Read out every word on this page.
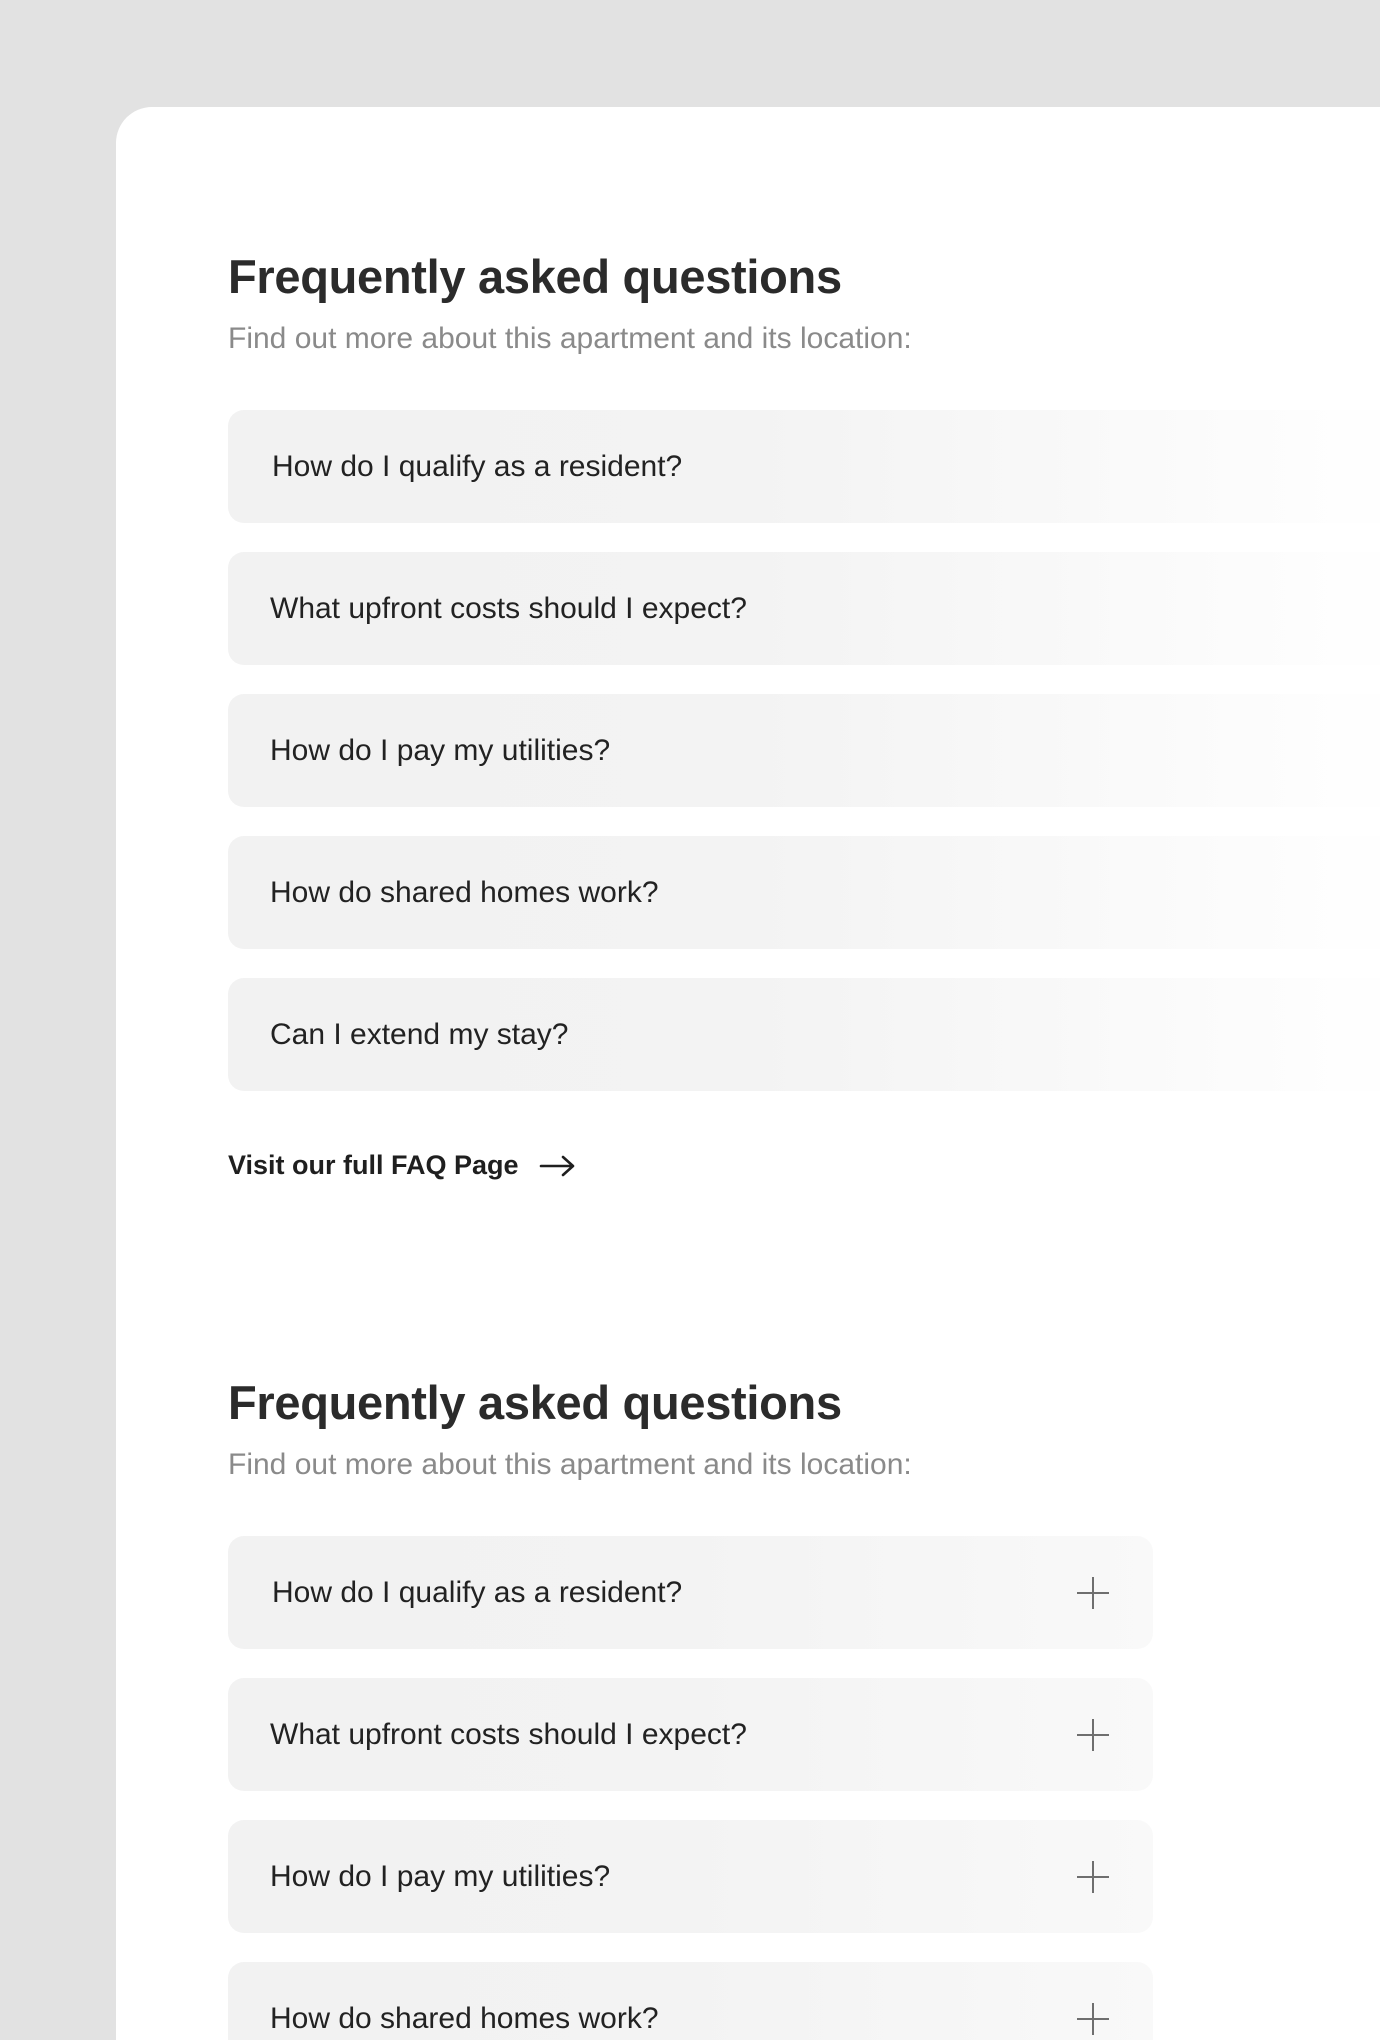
Frequently asked questions

Find out more about this apartment and its location:

How do I qualify as a resident?
What upfront costs should I expect?
How do I pay my utilities?
How do shared homes work?
Can I extend my stay?
Visit our full FAQ Page
Frequently asked questions

Find out more about this apartment and its location:

How do I qualify as a resident?
What upfront costs should I expect?
How do I pay my utilities?
How do shared homes work?
